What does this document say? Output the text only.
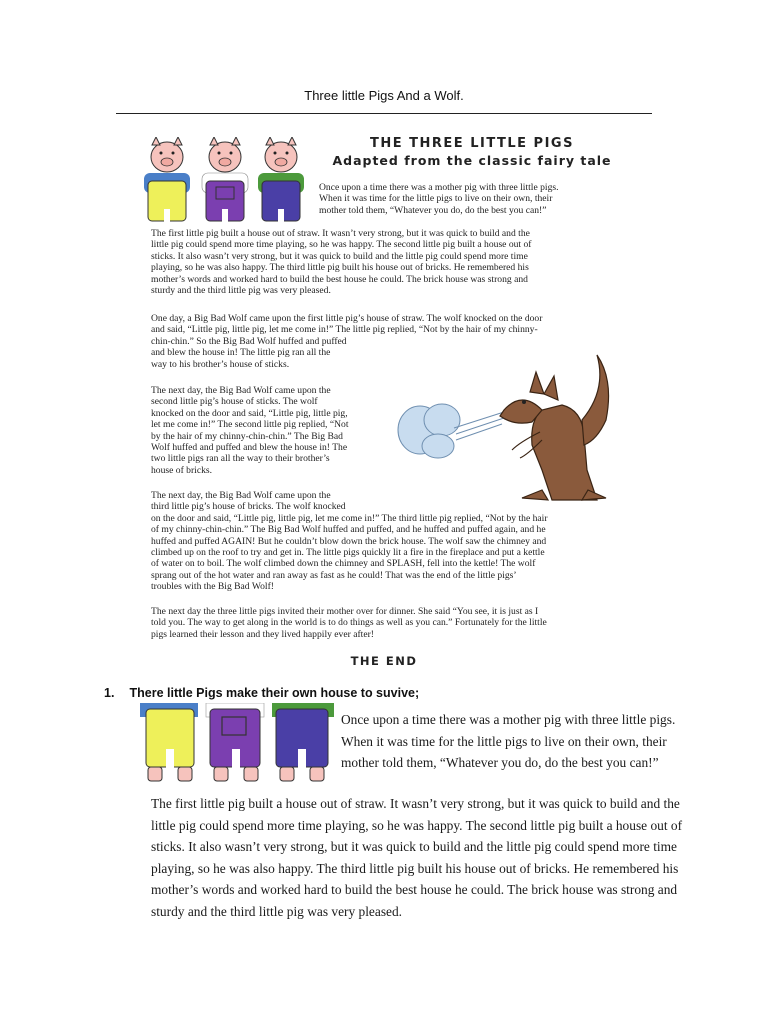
Three little Pigs And a Wolf.
THE THREE LITTLE PIGS
Adapted from the classic fairy tale
Once upon a time there was a mother pig with three little pigs.
When it was time for the little pigs to live on their own, their
mother told them, “Whatever you do, do the best you can!”
The first little pig built a house out of straw. It wasn’t very strong, but it was quick to build and the
little pig could spend more time playing, so he was happy. The second little pig built a house out of
sticks. It also wasn’t very strong, but it was quick to build and the little pig could spend more time
playing, so he was also happy. The third little pig built his house out of bricks. He remembered his
mother’s words and worked hard to build the best house he could. The brick house was strong and
sturdy and the third little pig was very pleased.
One day, a Big Bad Wolf came upon the first little pig’s house of straw. The wolf knocked on the door
and said, “Little pig, little pig, let me come in!” The little pig replied, “Not by the hair of my chinny-
chin-chin.” So the Big Bad Wolf huffed and puffed
and blew the house in! The little pig ran all the
way to his brother’s house of sticks.
The next day, the Big Bad Wolf came upon the
second little pig’s house of sticks. The wolf
knocked on the door and said, “Little pig, little pig,
let me come in!” The second little pig replied, “Not
by the hair of my chinny-chin-chin.” The Big Bad
Wolf huffed and puffed and blew the house in! The
two little pigs ran all the way to their brother’s
house of bricks.
The next day, the Big Bad Wolf came upon the
third little pig’s house of bricks. The wolf knocked
on the door and said, “Little pig, little pig, let me come in!” The third little pig replied, “Not by the hair
of my chinny-chin-chin.” The Big Bad Wolf huffed and puffed, and he huffed and puffed again, and he
huffed and puffed AGAIN! But he couldn’t blow down the brick house. The wolf saw the chimney and
climbed up on the roof to try and get in. The little pigs quickly lit a fire in the fireplace and put a kettle
of water on to boil. The wolf climbed down the chimney and SPLASH, fell into the kettle! The wolf
sprang out of the hot water and ran away as fast as he could! That was the end of the little pigs’
troubles with the Big Bad Wolf!
The next day the three little pigs invited their mother over for dinner. She said “You see, it is just as I
told you. The way to get along in the world is to do things as well as you can.” Fortunately for the little
pigs learned their lesson and they lived happily ever after!
THE END
1. There little Pigs make their own house to suvive;
Once upon a time there was a mother pig with three little pigs.
When it was time for the little pigs to live on their own, their
mother told them, “Whatever you do, do the best you can!”
The first little pig built a house out of straw. It wasn’t very strong, but it was quick to build and the
little pig could spend more time playing, so he was happy. The second little pig built a house out of
sticks. It also wasn’t very strong, but it was quick to build and the little pig could spend more time
playing, so he was also happy. The third little pig built his house out of bricks. He remembered his
mother’s words and worked hard to build the best house he could. The brick house was strong and
sturdy and the third little pig was very pleased.
